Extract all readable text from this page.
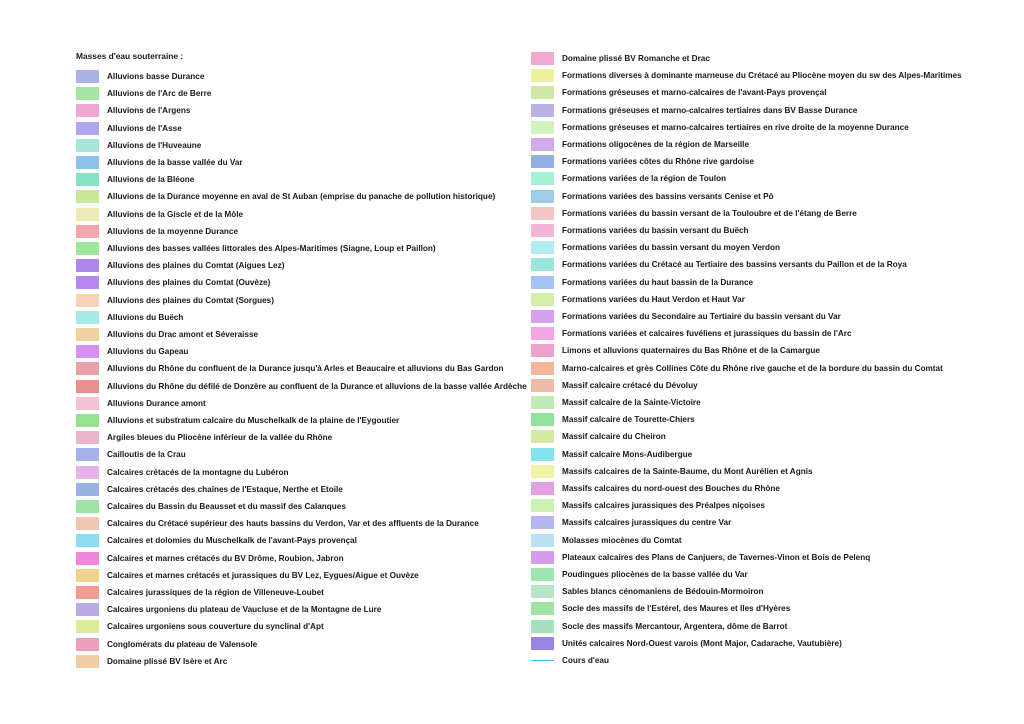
Masses d'eau souterraine :
Alluvions basse Durance
Alluvions de l'Arc de Berre
Alluvions de l'Argens
Alluvions de l'Asse
Alluvions de l'Huveaune
Alluvions de la basse vallée du Var
Alluvions de la Bléone
Alluvions de la Durance moyenne en aval de St Auban (emprise du panache de pollution historique)
Alluvions de la Giscle et de la Môle
Alluvions de la moyenne Durance
Alluvions des basses vallées littorales des Alpes-Maritimes (Siagne, Loup et Paillon)
Alluvions des plaines du Comtat (Aigues Lez)
Alluvions des plaines du Comtat (Ouvèze)
Alluvions des plaines du Comtat (Sorgues)
Alluvions du Buëch
Alluvions du Drac amont et Séveraisse
Alluvions du Gapeau
Alluvions du Rhône du confluent de la Durance jusqu'à Arles et Beaucaire et alluvions du Bas Gardon
Alluvions du Rhône du défilé de Donzère au confluent de la Durance et alluvions de la basse vallée Ardèche
Alluvions Durance amont
Alluvions et substratum calcaire du Muschelkalk de la plaine de l'Eygoutier
Argiles bleues du Pliocène inférieur de la vallée du Rhône
Cailloutis de la Crau
Calcaires crétacés de la montagne du Lubéron
Calcaires crétacés des chaînes de l'Estaque, Nerthe et Etoile
Calcaires du Bassin du Beausset et du massif des Calanques
Calcaires du Crétacé supérieur des hauts bassins du Verdon, Var et des affluents de la Durance
Calcaires et dolomies du Muschelkalk de l'avant-Pays provençal
Calcaires et marnes crétacés du BV Drôme, Roubion, Jabron
Calcaires et marnes crétacés et jurassiques du BV Lez, Eygues/Aigue et Ouvèze
Calcaires jurassiques de la région de Villeneuve-Loubet
Calcaires urgoniens du plateau de Vaucluse et de la Montagne de Lure
Calcaires urgoniens sous couverture du synclinal d'Apt
Conglomérats du plateau de Valensole
Domaine plissé BV Isère et Arc
Domaine plissé BV Romanche et Drac
Formations diverses à dominante marneuse du Crétacé au Pliocène moyen du sw des Alpes-Maritimes
Formations gréseuses et marno-calcaires de l'avant-Pays provençal
Formations gréseuses et marno-calcaires tertiaires dans BV Basse Durance
Formations gréseuses et marno-calcaires tertiaires en rive droite de la moyenne Durance
Formations oligocènes de la région de Marseille
Formations variées côtes du Rhône rive gardoise
Formations variées de la région de Toulon
Formations variées des bassins versants Cenise et Pô
Formations variées du bassin versant de la Touloubre et de l'étang de Berre
Formations variées du bassin versant du Buëch
Formations variées du bassin versant du moyen Verdon
Formations variées du Crétacé au Tertiaire des bassins versants du Paillon et de la Roya
Formations variées du haut bassin de la Durance
Formations variées du Haut Verdon et Haut Var
Formations variées du Secondaire au Tertiaire du bassin versant du Var
Formations variées et calcaires fuvéliens et jurassiques du bassin de l'Arc
Limons et alluvions quaternaires du Bas Rhône et de la Camargue
Marno-calcaires et grès Collines Côte du Rhône rive gauche et de la bordure du bassin du Comtat
Massif calcaire crétacé du Dévoluy
Massif calcaire de la Sainte-Victoire
Massif calcaire de Tourette-Chiers
Massif calcaire du Cheiron
Massif calcaire Mons-Audibergue
Massifs calcaires de la Sainte-Baume, du Mont Aurélien et Agnis
Massifs calcaires du nord-ouest des Bouches du Rhône
Massifs calcaires jurassiques des Préalpes niçoises
Massifs calcaires jurassiques du centre Var
Molasses miocènes du Comtat
Plateaux calcaires des Plans de Canjuers, de Tavernes-Vinon et Bois de Pelenq
Poudingues pliocènes de la basse vallée du Var
Sables blancs cénomaniens de Bédouin-Mormoiron
Socle des massifs de l'Estérel, des Maures et Iles d'Hyères
Socle des massifs Mercantour, Argentera, dôme de Barrot
Unités calcaires Nord-Ouest varois (Mont Major, Cadarache, Vautubière)
Cours d'eau
